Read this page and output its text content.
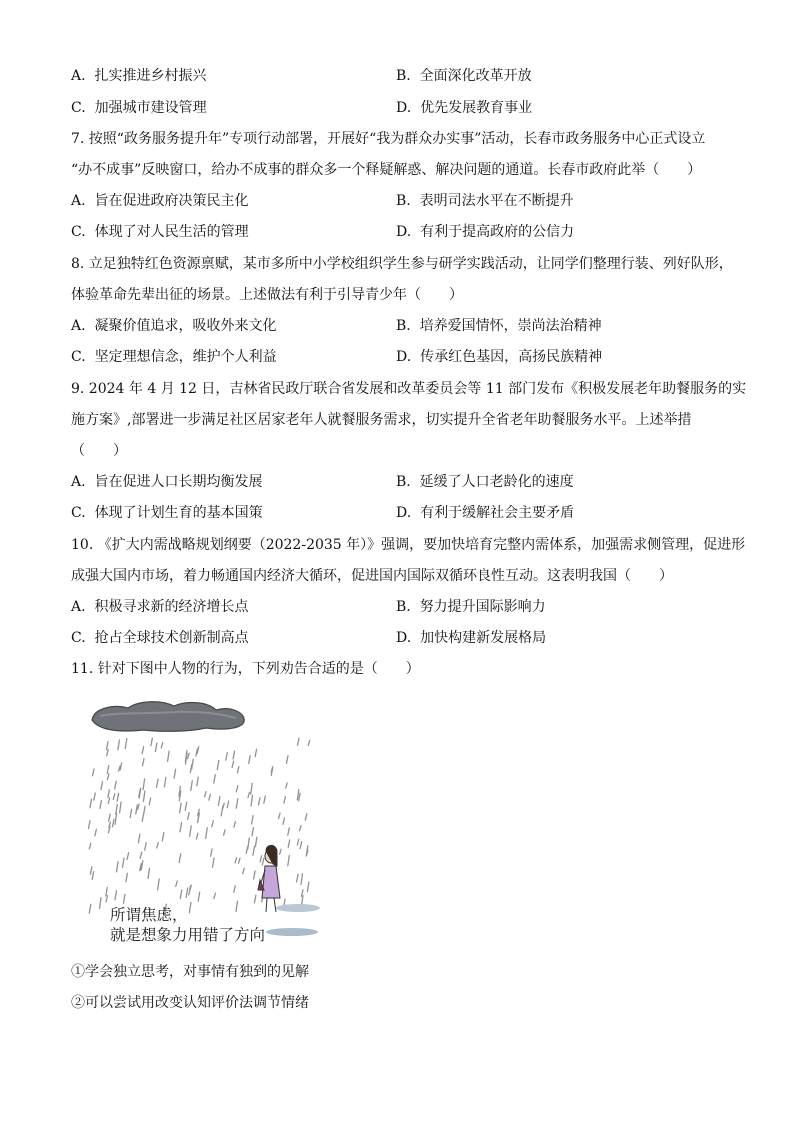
A. 扎实推进乡村振兴	B. 全面深化改革开放
C. 加强城市建设管理	D. 优先发展教育事业
7. 按照“政务服务提升年”专项行动部署，开展好“我为群众办实事”活动，长春市政务服务中心正式设立
“办不成事”反映窗口，给办不成事的群众多一个释疑解惑、解决问题的通道。长春市政府此举（　　）
A. 旨在促进政府决策民主化	B. 表明司法水平在不断提升
C. 体现了对人民生活的管理	D. 有利于提高政府的公信力
8. 立足独特红色资源禀赋，某市多所中小学校组织学生参与研学实践活动，让同学们整理行装、列好队形，
体验革命先辈出征的场景。上述做法有利于引导青少年（　　）
A. 凝聚价值追求，吸收外来文化	B. 培养爱国情怀，崇尚法治精神
C. 坚定理想信念，维护个人利益	D. 传承红色基因，高扬民族精神
9. 2024 年 4 月 12 日，吉林省民政厅联合省发展和改革委员会等 11 部门发布《积极发展老年助餐服务的实
施方案》,部署进一步满足社区居家老年人就餐服务需求，切实提升全省老年助餐服务水平。上述举措
（　　）
A. 旨在促进人口长期均衡发展	B. 延缓了人口老龄化的速度
C. 体现了计划生育的基本国策	D. 有利于缓解社会主要矛盾
10. 《扩大内需战略规划纲要（2022-2035 年）》强调，要加快培育完整内需体系，加强需求侧管理，促进形
成强大国内市场，着力畅通国内经济大循环，促进国内国际双循环良性互动。这表明我国（　　）
A. 积极寻求新的经济增长点	B. 努力提升国际影响力
C. 抢占全球技术创新制高点	D. 加快构建新发展格局
11. 针对下图中人物的行为，下列劝告合适的是（　　）
所谓焦虑，
就是想象力用错了方向
①学会独立思考，对事情有独到的见解
②可以尝试用改变认知评价法调节情绪
